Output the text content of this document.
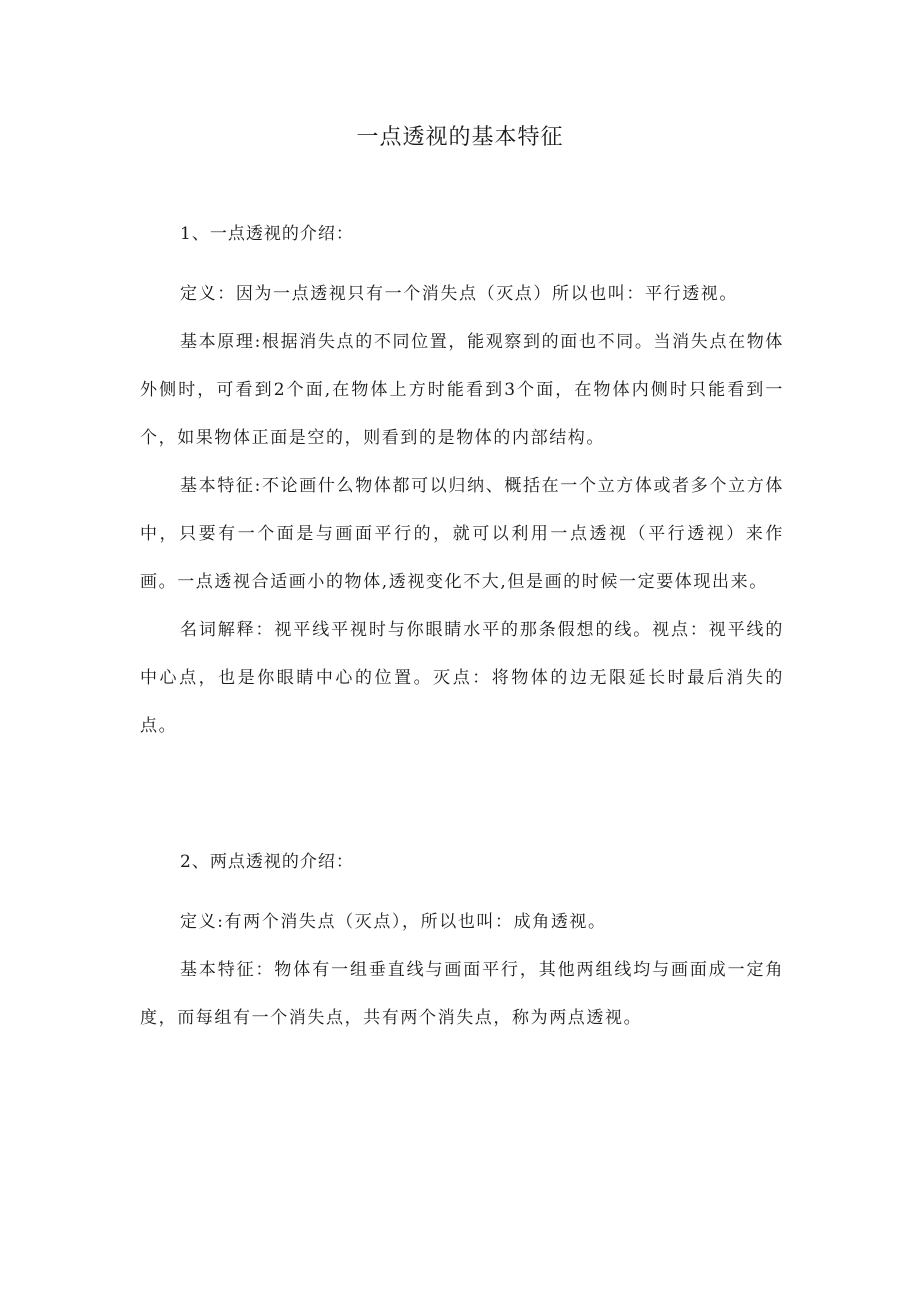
一点透视的基本特征

1、一点透视的介绍：

定义：因为一点透视只有一个消失点（灭点）所以也叫：平行透视。

基本原理:根据消失点的不同位置，能观察到的面也不同。当消失点在物体外侧时，可看到2个面,在物体上方时能看到3个面，在物体内侧时只能看到一个，如果物体正面是空的，则看到的是物体的内部结构。

基本特征:不论画什么物体都可以归纳、概括在一个立方体或者多个立方体中，只要有一个面是与画面平行的，就可以利用一点透视（平行透视）来作画。一点透视合适画小的物体,透视变化不大,但是画的时候一定要体现出来。

名词解释：视平线平视时与你眼睛水平的那条假想的线。视点：视平线的中心点，也是你眼睛中心的位置。灭点：将物体的边无限延长时最后消失的点。

2、两点透视的介绍：

定义:有两个消失点（灭点），所以也叫：成角透视。

基本特征：物体有一组垂直线与画面平行，其他两组线均与画面成一定角度，而每组有一个消失点，共有两个消失点，称为两点透视。
